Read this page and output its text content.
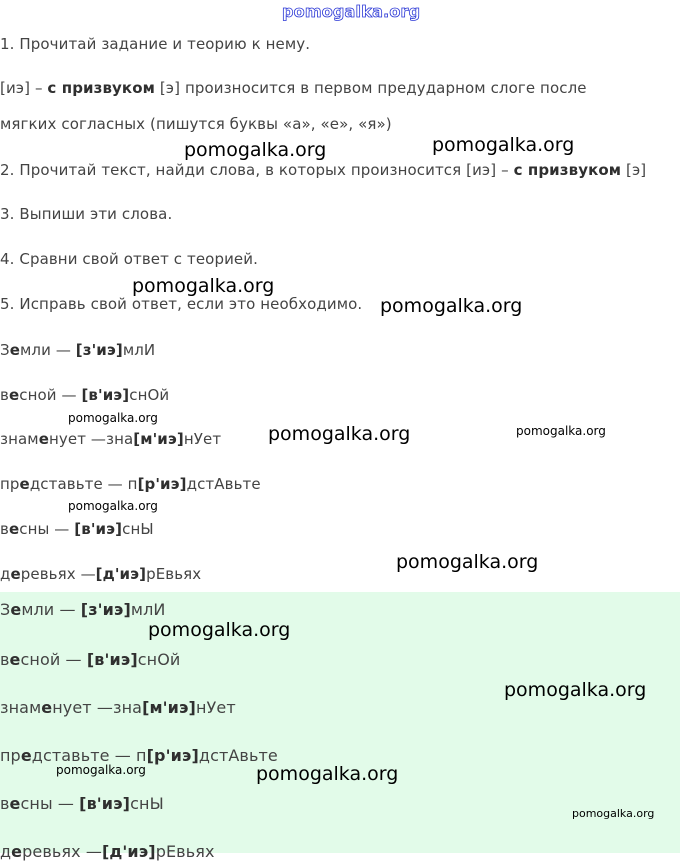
pomogalka.org
1. Прочитай задание и теорию к нему.
[иэ] – с призвуком [э] произносится в первом предударном слоге после
мягких согласных (пишутся буквы «а», «е», «я»)
2. Прочитай текст, найди слова, в которых произносится [иэ] – с призвуком [э]
3. Выпиши эти слова.
4. Сравни свой ответ с теорией.
5. Исправь свой ответ, если это необходимо.
Земли — [з'иэ]млИ
весной — [в'иэ]снОй
знаменует —зна[м'иэ]нУет
представьте — п[р'иэ]дстАвьте
весны — [в'иэ]снЫ
деревьях —[д'иэ]рЕвьях
Земли — [з'иэ]млИ
весной — [в'иэ]снОй
знаменует —зна[м'иэ]нУет
представьте — п[р'иэ]дстАвьте
весны — [в'иэ]снЫ
деревьях —[д'иэ]рЕвьях
pomogalka.org	pomogalka.org
pomogalka.org
pomogalka.org
pomogalka.org
pomogalka.org	pomogalka.org
pomogalka.org
pomogalka.org
pomogalka.org
pomogalka.org
pomogalka.org	pomogalka.org
pomogalka.org
